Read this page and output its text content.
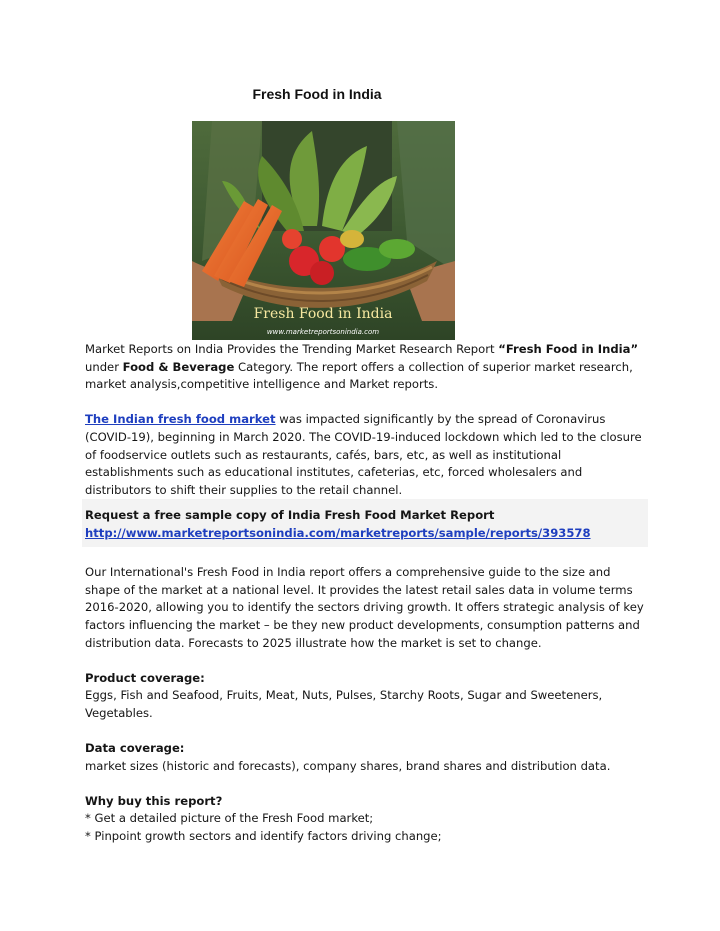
Fresh Food in India
Fresh Food in India
www.marketreportsonindia.com

Market Reports on India Provides the Trending Market Research Report “Fresh Food in India” under Food & Beverage Category. The report offers a collection of superior market research, market analysis,competitive intelligence and Market reports.

The Indian fresh food market was impacted significantly by the spread of Coronavirus (COVID-19), beginning in March 2020. The COVID-19-induced lockdown which led to the closure of foodservice outlets such as restaurants, cafés, bars, etc, as well as institutional establishments such as educational institutes, cafeterias, etc, forced wholesalers and distributors to shift their supplies to the retail channel.

Request a free sample copy of India Fresh Food Market Report

http://www.marketreportsonindia.com/marketreports/sample/reports/393578

Our International's Fresh Food in India report offers a comprehensive guide to the size and shape of the market at a national level. It provides the latest retail sales data in volume terms 2016-2020, allowing you to identify the sectors driving growth. It offers strategic analysis of key factors influencing the market – be they new product developments, consumption patterns and distribution data. Forecasts to 2025 illustrate how the market is set to change.

Product coverage:

Eggs, Fish and Seafood, Fruits, Meat, Nuts, Pulses, Starchy Roots, Sugar and Sweeteners, Vegetables.

Data coverage:

market sizes (historic and forecasts), company shares, brand shares and distribution data.

Why buy this report?

* Get a detailed picture of the Fresh Food market;

* Pinpoint growth sectors and identify factors driving change;
